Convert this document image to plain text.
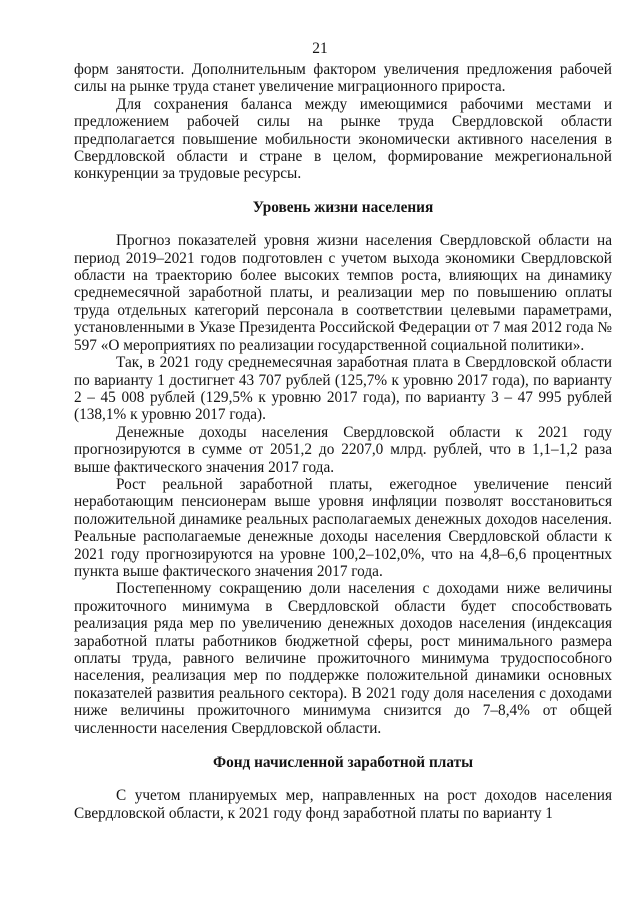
21

форм занятости. Дополнительным фактором увеличения предложения рабочей силы на рынке труда станет увеличение миграционного прироста.

Для сохранения баланса между имеющимися рабочими местами и предложением рабочей силы на рынке труда Свердловской области предполагается повышение мобильности экономически активного населения в Свердловской области и стране в целом, формирование межрегиональной конкуренции за трудовые ресурсы.

Уровень жизни населения

Прогноз показателей уровня жизни населения Свердловской области на период 2019–2021 годов подготовлен с учетом выхода экономики Свердловской области на траекторию более высоких темпов роста, влияющих на динамику среднемесячной заработной платы, и реализации мер по повышению оплаты труда отдельных категорий персонала в соответствии целевыми параметрами, установленными в Указе Президента Российской Федерации от 7 мая 2012 года № 597 «О мероприятиях по реализации государственной социальной политики».

Так, в 2021 году среднемесячная заработная плата в Свердловской области по варианту 1 достигнет 43 707 рублей (125,7% к уровню 2017 года), по варианту 2 – 45 008 рублей (129,5% к уровню 2017 года), по варианту 3 – 47 995 рублей (138,1% к уровню 2017 года).

Денежные доходы населения Свердловской области к 2021 году прогнозируются в сумме от 2051,2 до 2207,0 млрд. рублей, что в 1,1–1,2 раза выше фактического значения 2017 года.

Рост реальной заработной платы, ежегодное увеличение пенсий неработающим пенсионерам выше уровня инфляции позволят восстановиться положительной динамике реальных располагаемых денежных доходов населения. Реальные располагаемые денежные доходы населения Свердловской области к 2021 году прогнозируются на уровне 100,2–102,0%, что на 4,8–6,6 процентных пункта выше фактического значения 2017 года.

Постепенному сокращению доли населения с доходами ниже величины прожиточного минимума в Свердловской области будет способствовать реализация ряда мер по увеличению денежных доходов населения (индексация заработной платы работников бюджетной сферы, рост минимального размера оплаты труда, равного величине прожиточного минимума трудоспособного населения, реализация мер по поддержке положительной динамики основных показателей развития реального сектора). В 2021 году доля населения с доходами ниже величины прожиточного минимума снизится до 7–8,4% от общей численности населения Свердловской области.

Фонд начисленной заработной платы

С учетом планируемых мер, направленных на рост доходов населения Свердловской области, к 2021 году фонд заработной платы по варианту 1
